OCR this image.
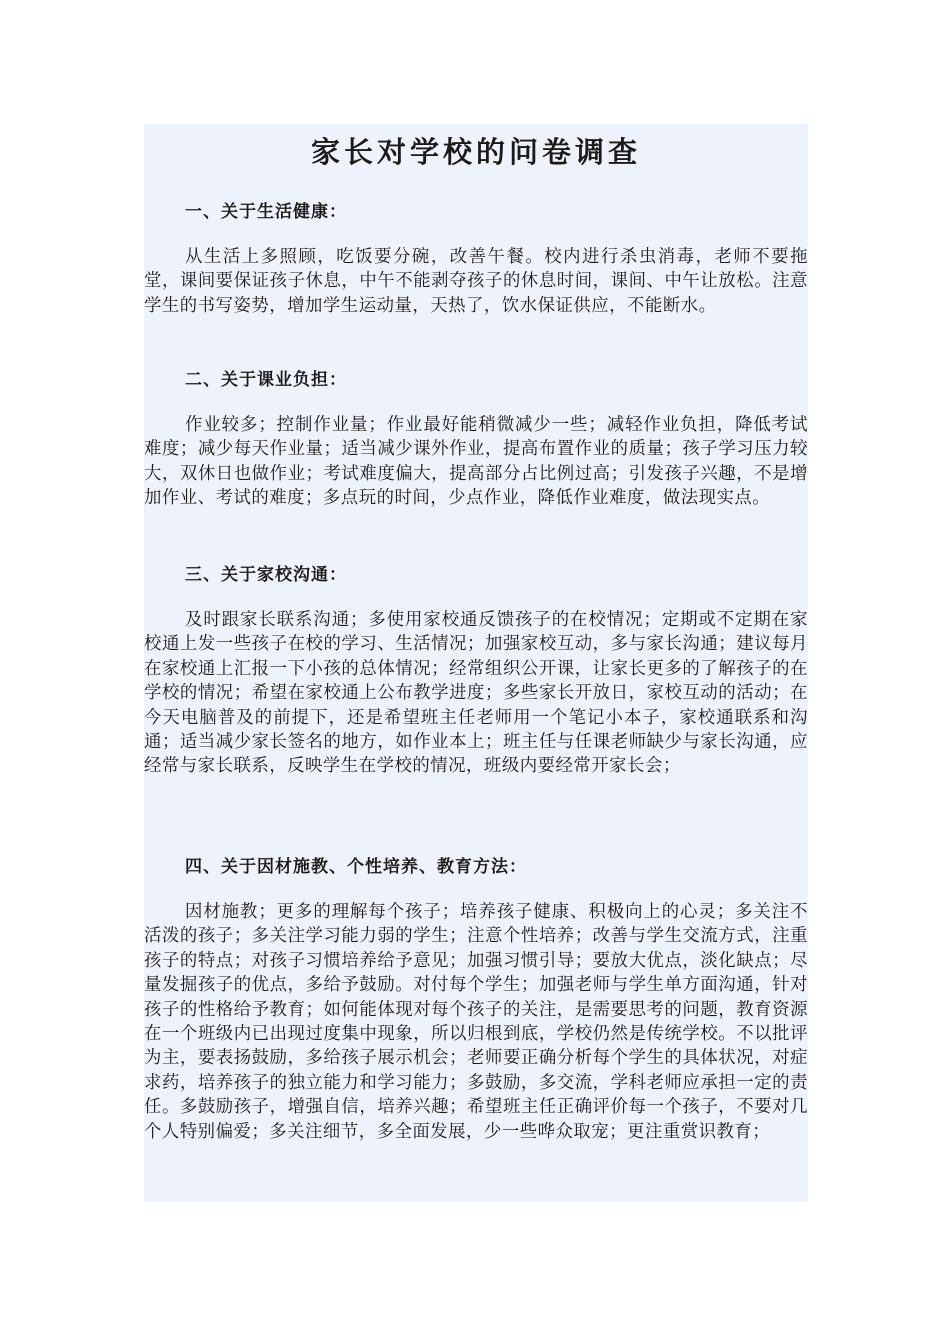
家长对学校的问卷调查
一、关于生活健康：

从生活上多照顾，吃饭要分碗，改善午餐。校内进行杀虫消毒，老师不要拖堂，课间要保证孩子休息，中午不能剥夺孩子的休息时间，课间、中午让放松。注意学生的书写姿势，增加学生运动量，天热了，饮水保证供应，不能断水。

二、关于课业负担：

作业较多；控制作业量；作业最好能稍微减少一些；减轻作业负担，降低考试难度；减少每天作业量；适当减少课外作业，提高布置作业的质量；孩子学习压力较大，双休日也做作业；考试难度偏大，提高部分占比例过高；引发孩子兴趣，不是增加作业、考试的难度；多点玩的时间，少点作业，降低作业难度，做法现实点。

三、关于家校沟通：

及时跟家长联系沟通；多使用家校通反馈孩子的在校情况；定期或不定期在家校通上发一些孩子在校的学习、生活情况；加强家校互动，多与家长沟通；建议每月在家校通上汇报一下小孩的总体情况；经常组织公开课，让家长更多的了解孩子的在学校的情况；希望在家校通上公布教学进度；多些家长开放日，家校互动的活动；在今天电脑普及的前提下，还是希望班主任老师用一个笔记小本子，家校通联系和沟通；适当减少家长签名的地方，如作业本上；班主任与任课老师缺少与家长沟通，应经常与家长联系，反映学生在学校的情况，班级内要经常开家长会；

四、关于因材施教、个性培养、教育方法：

因材施教；更多的理解每个孩子；培养孩子健康、积极向上的心灵；多关注不活泼的孩子；多关注学习能力弱的学生；注意个性培养；改善与学生交流方式，注重孩子的特点；对孩子习惯培养给予意见；加强习惯引导；要放大优点，淡化缺点；尽量发掘孩子的优点，多给予鼓励。对付每个学生；加强老师与学生单方面沟通，针对孩子的性格给予教育；如何能体现对每个孩子的关注，是需要思考的问题，教育资源在一个班级内已出现过度集中现象，所以归根到底，学校仍然是传统学校。不以批评为主，要表扬鼓励，多给孩子展示机会；老师要正确分析每个学生的具体状况，对症求药，培养孩子的独立能力和学习能力；多鼓励，多交流，学科老师应承担一定的责任。多鼓励孩子，增强自信，培养兴趣；希望班主任正确评价每一个孩子，不要对几个人特别偏爱；多关注细节，多全面发展，少一些哗众取宠；更注重赏识教育；
